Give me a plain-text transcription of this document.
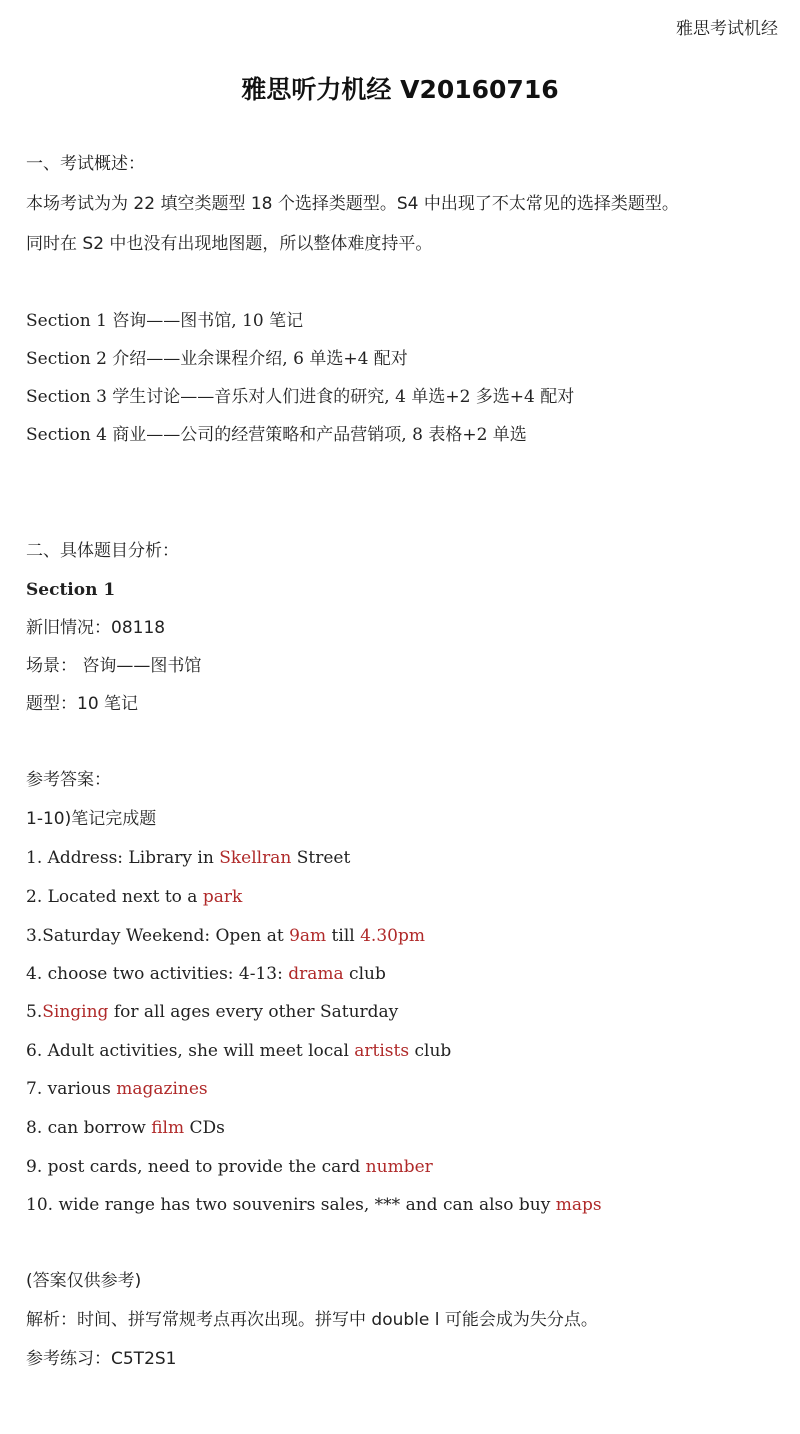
雅思考试机经
雅思听力机经 V20160716
一、考试概述：
本场考试为为 22 填空类题型 18 个选择类题型。S4 中出现了不太常见的选择类题型。
同时在 S2 中也没有出现地图题，所以整体难度持平。
Section 1 咨询——图书馆, 10 笔记
Section 2 介绍——业余课程介绍, 6 单选+4 配对
Section 3 学生讨论——音乐对人们进食的研究, 4 单选+2 多选+4 配对
Section 4 商业——公司的经营策略和产品营销项, 8 表格+2 单选
二、具体题目分析：
Section 1
新旧情况：08118
场景： 咨询——图书馆
题型：10 笔记
参考答案：
1-10)笔记完成题
1. Address: Library in Skellran Street
2. Located next to a park
3.Saturday Weekend: Open at 9am till 4.30pm
4. choose two activities: 4-13: drama club
5.Singing for all ages every other Saturday
6. Adult activities, she will meet local artists club
7. various magazines
8. can borrow film CDs
9. post cards, need to provide the card number
10. wide range has two souvenirs sales, *** and can also buy maps
(答案仅供参考)
解析：时间、拼写常规考点再次出现。拼写中 double l 可能会成为失分点。
参考练习：C5T2S1
